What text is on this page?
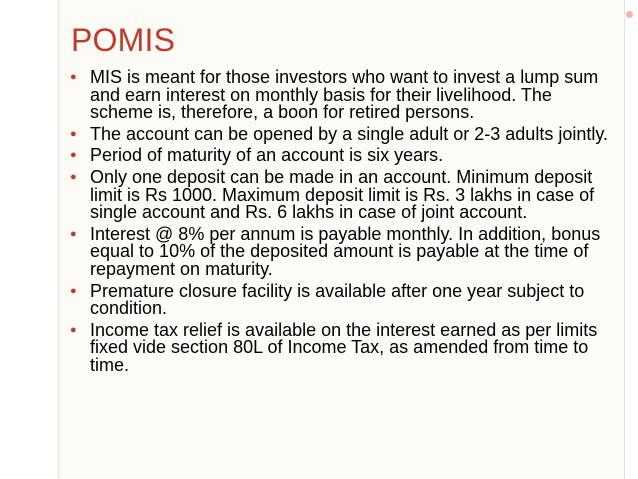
POMIS
● MIS is meant for those investors who want to invest a lump sum and earn interest on monthly basis for their livelihood. The scheme is, therefore, a boon for retired persons.
● The account can be opened by a single adult or 2-3 adults jointly.
● Period of maturity of an account is six years.
● Only one deposit can be made in an account. Minimum deposit limit is Rs 1000. Maximum deposit limit is Rs. 3 lakhs in case of single account and Rs. 6 lakhs in case of joint account.
● Interest @ 8% per annum is payable monthly. In addition, bonus equal to 10% of the deposited amount is payable at the time of repayment on maturity.
● Premature closure facility is available after one year subject to condition.
● Income tax relief is available on the interest earned as per limits fixed vide section 80L of Income Tax, as amended from time to time.
